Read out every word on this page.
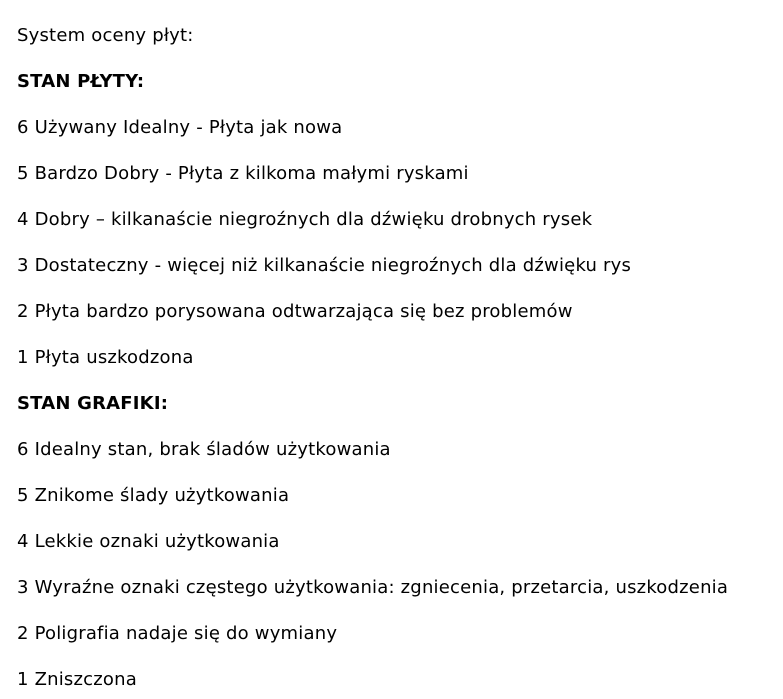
System oceny płyt:

STAN PŁYTY:

6 Używany Idealny - Płyta jak nowa

5 Bardzo Dobry - Płyta z kilkoma małymi ryskami

4 Dobry – kilkanaście niegroźnych dla dźwięku drobnych rysek

3 Dostateczny - więcej niż kilkanaście niegroźnych dla dźwięku rys

2 Płyta bardzo porysowana odtwarzająca się bez problemów

1 Płyta uszkodzona

STAN GRAFIKI:

6 Idealny stan, brak śladów użytkowania

5 Znikome ślady użytkowania

4 Lekkie oznaki użytkowania

3 Wyraźne oznaki częstego użytkowania: zgniecenia, przetarcia, uszkodzenia

2 Poligrafia nadaje się do wymiany

1 Zniszczona
